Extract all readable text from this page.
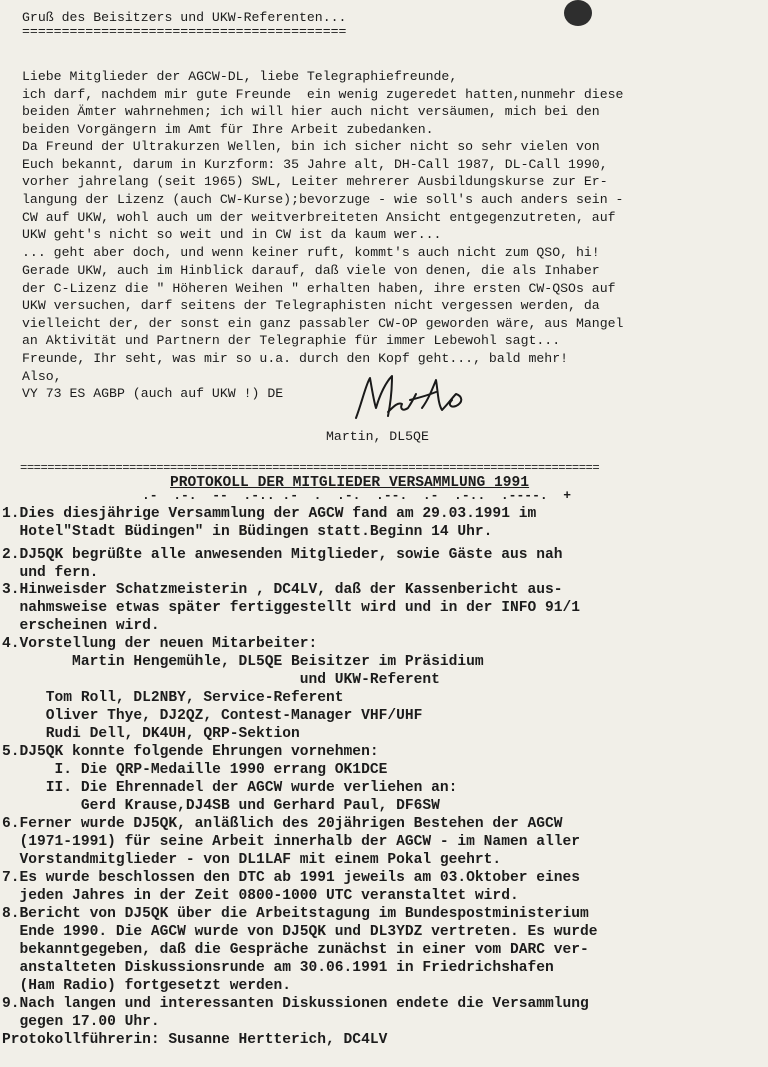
Gruß des Beisitzers und UKW-Referenten...
=========================================
Liebe Mitglieder der AGCW-DL, liebe Telegraphiefreunde,
ich darf, nachdem mir gute Freunde  ein wenig zugeredet hatten,nunmehr diese
beiden Ämter wahrnehmen; ich will hier auch nicht versäumen, mich bei den
beiden Vorgängern im Amt für Ihre Arbeit zubedanken.
Da Freund der Ultrakurzen Wellen, bin ich sicher nicht so sehr vielen von
Euch bekannt, darum in Kurzform: 35 Jahre alt, DH-Call 1987, DL-Call 1990,
vorher jahrelang (seit 1965) SWL, Leiter mehrerer Ausbildungskurse zur Er-
langung der Lizenz (auch CW-Kurse);bevorzuge - wie soll's auch anders sein -
CW auf UKW, wohl auch um der weitverbreiteten Ansicht entgegenzutreten, auf
UKW geht's nicht so weit und in CW ist da kaum wer...
... geht aber doch, und wenn keiner ruft, kommt's auch nicht zum QSO, hi!
Gerade UKW, auch im Hinblick darauf, daß viele von denen, die als Inhaber
der C-Lizenz die " Höheren Weihen " erhalten haben, ihre ersten CW-QSOs auf
UKW versuchen, darf seitens der Telegraphisten nicht vergessen werden, da
vielleicht der, der sonst ein ganz passabler CW-OP geworden wäre, aus Mangel
an Aktivität und Partnern der Telegraphie für immer Lebewohl sagt...
Freunde, Ihr seht, was mir so u.a. durch den Kopf geht..., bald mehr!
Also,
VY 73 ES AGBP (auch auf UKW !) DE
Martin, DL5QE
=====================================================================================
PROTOKOLL DER MITGLIEDER VERSAMMLUNG 1991
.-  .-.  --  .-.. .-  .  .-.  .--.  .-  .-..  .----.  +
1.Dies diesjährige Versammlung der AGCW fand am 29.03.1991 im
Hotel"Stadt Büdingen" in Büdingen statt.Beginn 14 Uhr.
2.DJ5QK begrüßte alle anwesenden Mitglieder, sowie Gäste aus nah
und fern.
3.Hinweisder Schatzmeisterin , DC4LV, daß der Kassenbericht aus-
nahmsweise etwas später fertiggestellt wird und in der INFO 91/1
erscheinen wird.
4.Vorstellung der neuen Mitarbeiter:
Martin Hengemühle, DL5QE Beisitzer im Präsidium
und UKW-Referent
Tom Roll, DL2NBY, Service-Referent
Oliver Thye, DJ2QZ, Contest-Manager VHF/UHF
Rudi Dell, DK4UH, QRP-Sektion
5.DJ5QK konnte folgende Ehrungen vornehmen:
I. Die QRP-Medaille 1990 errang OK1DCE
II. Die Ehrennadel der AGCW wurde verliehen an:
Gerd Krause,DJ4SB und Gerhard Paul, DF6SW
6.Ferner wurde DJ5QK, anläßlich des 20jährigen Bestehen der AGCW
(1971-1991) für seine Arbeit innerhalb der AGCW - im Namen aller
Vorstandmitglieder - von DL1LAF mit einem Pokal geehrt.
7.Es wurde beschlossen den DTC ab 1991 jeweils am 03.Oktober eines
jeden Jahres in der Zeit 0800-1000 UTC veranstaltet wird.
8.Bericht von DJ5QK über die Arbeitstagung im Bundespostministerium
Ende 1990. Die AGCW wurde von DJ5QK und DL3YDZ vertreten. Es wurde
bekanntgegeben, daß die Gespräche zunächst in einer vom DARC ver-
anstalteten Diskussionsrunde am 30.06.1991 in Friedrichshafen
(Ham Radio) fortgesetzt werden.
9.Nach langen und interessanten Diskussionen endete die Versammlung
gegen 17.00 Uhr.
Protokollführerin: Susanne Hertterich, DC4LV
